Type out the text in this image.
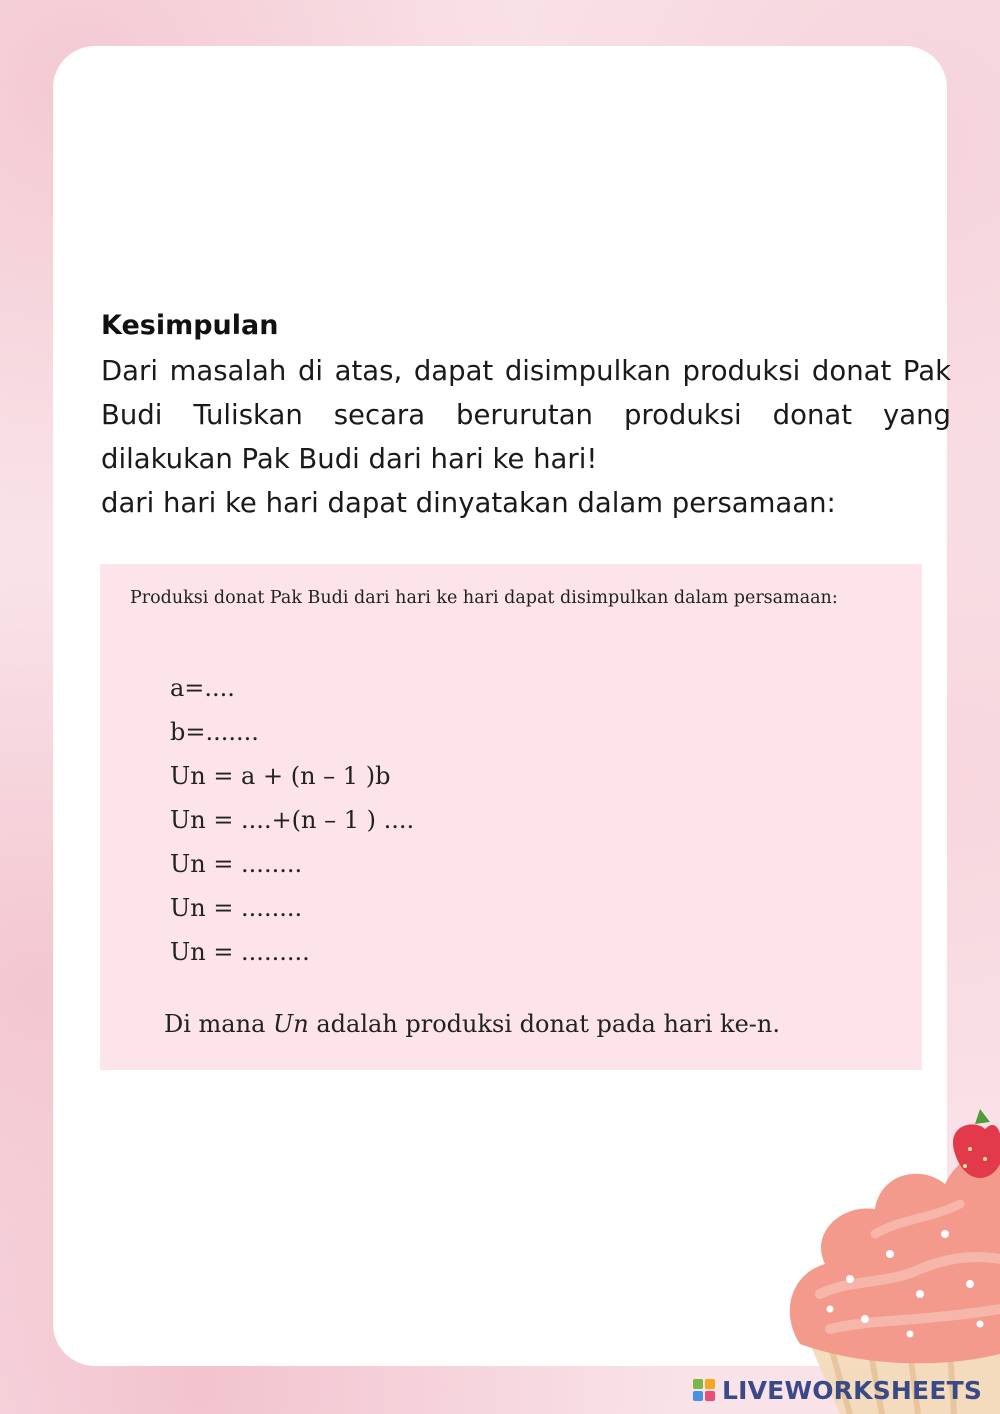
Kesimpulan

Dari masalah di atas, dapat disimpulkan produksi donat Pak Budi Tuliskan secara berurutan produksi donat yang dilakukan Pak Budi dari hari ke hari!

dari hari ke hari dapat dinyatakan dalam persamaan:

Produksi donat Pak Budi dari hari ke hari dapat disimpulkan dalam persamaan:

a=....
b=.......
Un = a + (n – 1 )b
Un = ....+(n – 1 ) ....
Un = ........
Un = ........
Un = .........

Di mana Un adalah produksi donat pada hari ke-n.

LIVEWORKSHEETS
